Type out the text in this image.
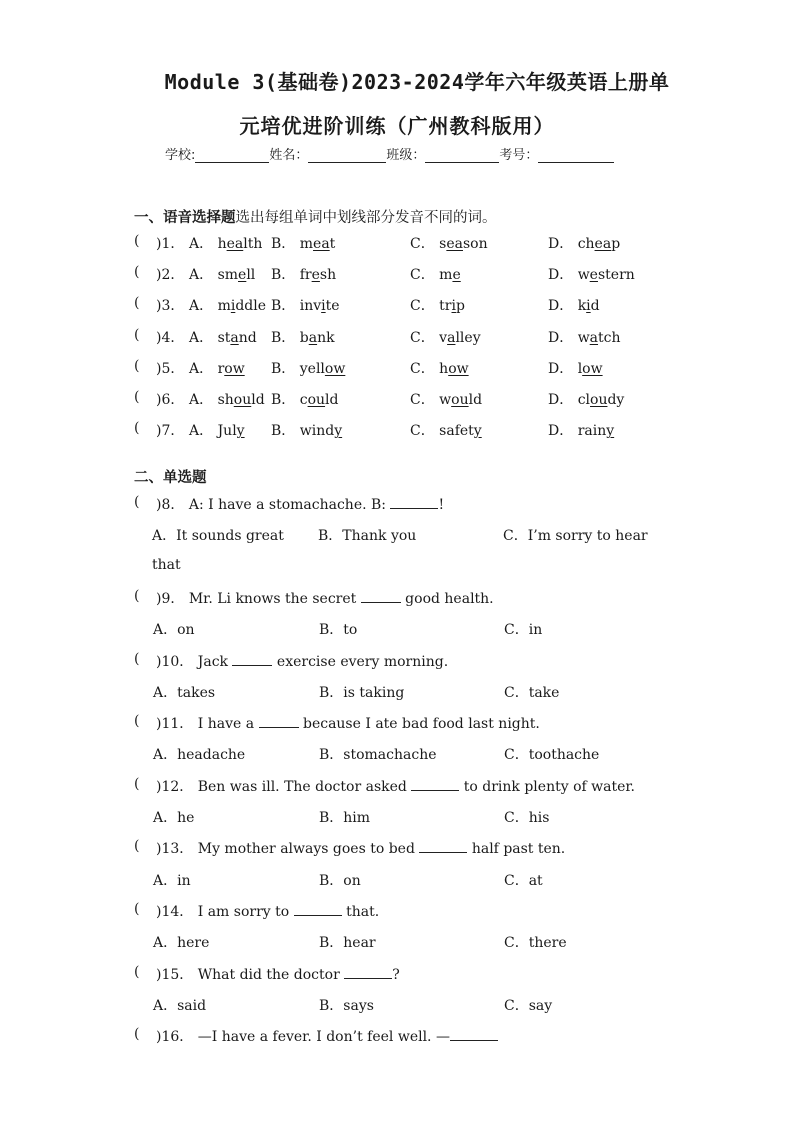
Module 3(基础卷)2023-2024学年六年级英语上册单
元培优进阶训练（广州教科版用）
学校:	姓名：	班级：	考号：
一、语音选择题选出每组单词中划线部分发音不同的词。
( )1． A． health B． meat	C． season	D． cheap
( )2． A． smell B． fresh	C． me	D． western
( )3． A． middle B． invite	C． trip	D． kid
( )4． A． stand B． bank	C． valley	D． watch
( )5． A． row B． yellow	C． how	D． low
( )6． A． should B． could	C． would	D． cloudy
( )7． A． July B． windy	C． safety	D． rainy
二、单选题
( )8． A: I have a stomachache. B:	!
A．It sounds great B．Thank you	C．I’m sorry to hear
that
( )9． Mr. Li knows the secret	good health.
A．on	B．to	C．in
( )10． Jack	exercise every morning.
A．takes	B．is taking	C．take
( )11． I have a	because I ate bad food last night.
A．headache	B．stomachache	C．toothache
( )12． Ben was ill. The doctor asked	to drink plenty of water.
A．he	B．him	C．his
( )13． My mother always goes to bed	half past ten.
A．in	B．on	C．at
( )14． I am sorry to	that.
A．here	B．hear	C．there
( )15． What did the doctor	?
A．said	B．says	C．say
( )16． —I have a fever. I don’t feel well. —
